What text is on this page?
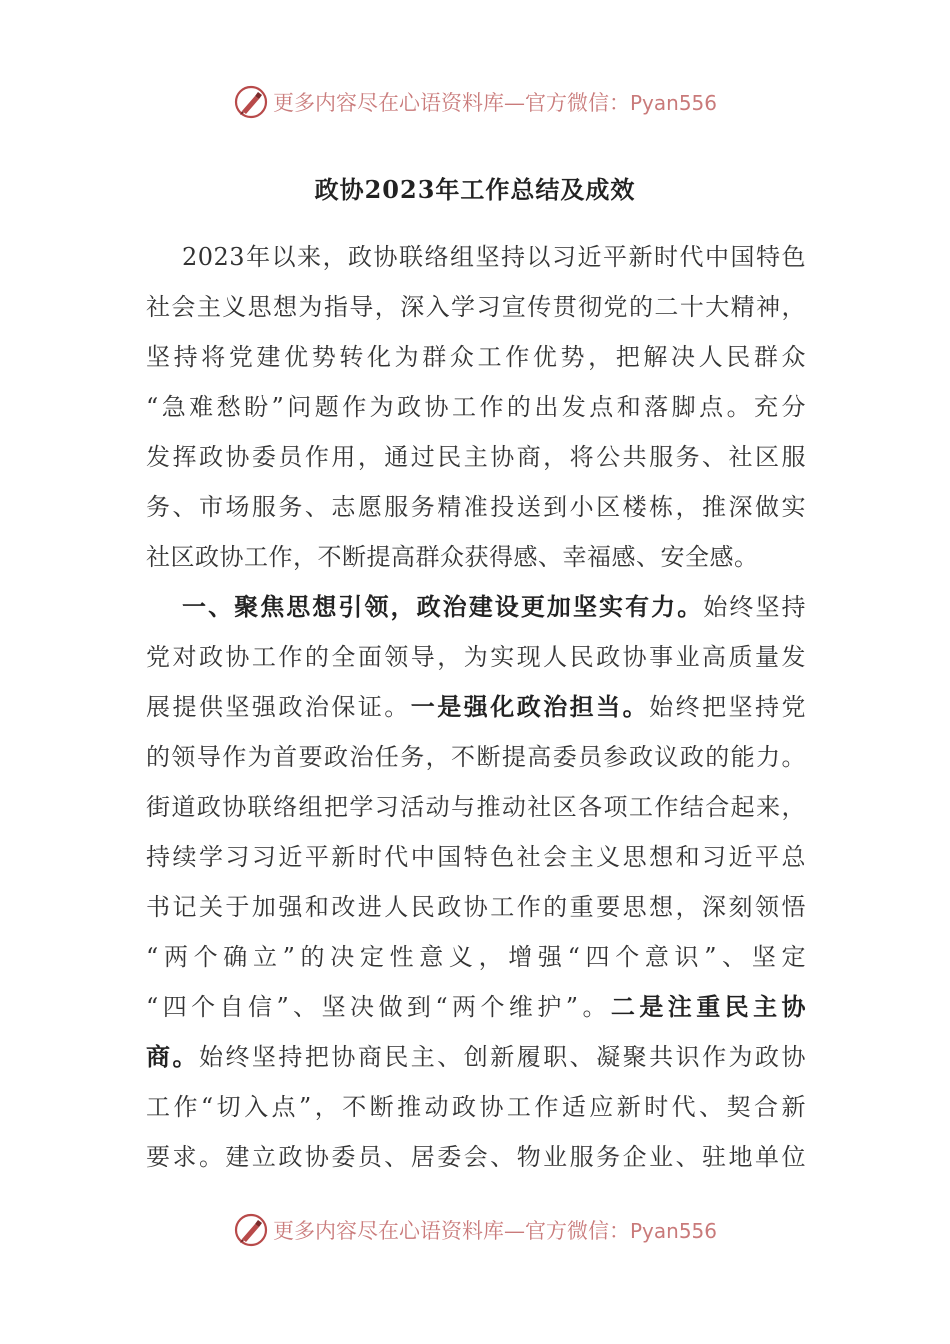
更多内容尽在心语资料库—官方微信：Pyan556
政协2023年工作总结及成效
2023年以来，政协联络组坚持以习近平新时代中国特色
社会主义思想为指导，深入学习宣传贯彻党的二十大精神，
坚持将党建优势转化为群众工作优势，把解决人民群众
“急难愁盼”问题作为政协工作的出发点和落脚点。充分
发挥政协委员作用，通过民主协商，将公共服务、社区服
务、市场服务、志愿服务精准投送到小区楼栋，推深做实
社区政协工作，不断提高群众获得感、幸福感、安全感。
一、聚焦思想引领，政治建设更加坚实有力。始终坚持
党对政协工作的全面领导，为实现人民政协事业高质量发
展提供坚强政治保证。一是强化政治担当。始终把坚持党
的领导作为首要政治任务，不断提高委员参政议政的能力。
街道政协联络组把学习活动与推动社区各项工作结合起来，
持续学习习近平新时代中国特色社会主义思想和习近平总
书记关于加强和改进人民政协工作的重要思想，深刻领悟
“两个确立”的决定性意义，增强“四个意识”、坚定
“四个自信”、坚决做到“两个维护”。二是注重民主协
商。始终坚持把协商民主、创新履职、凝聚共识作为政协
工作“切入点”，不断推动政协工作适应新时代、契合新
要求。建立政协委员、居委会、物业服务企业、驻地单位
更多内容尽在心语资料库—官方微信：Pyan556
